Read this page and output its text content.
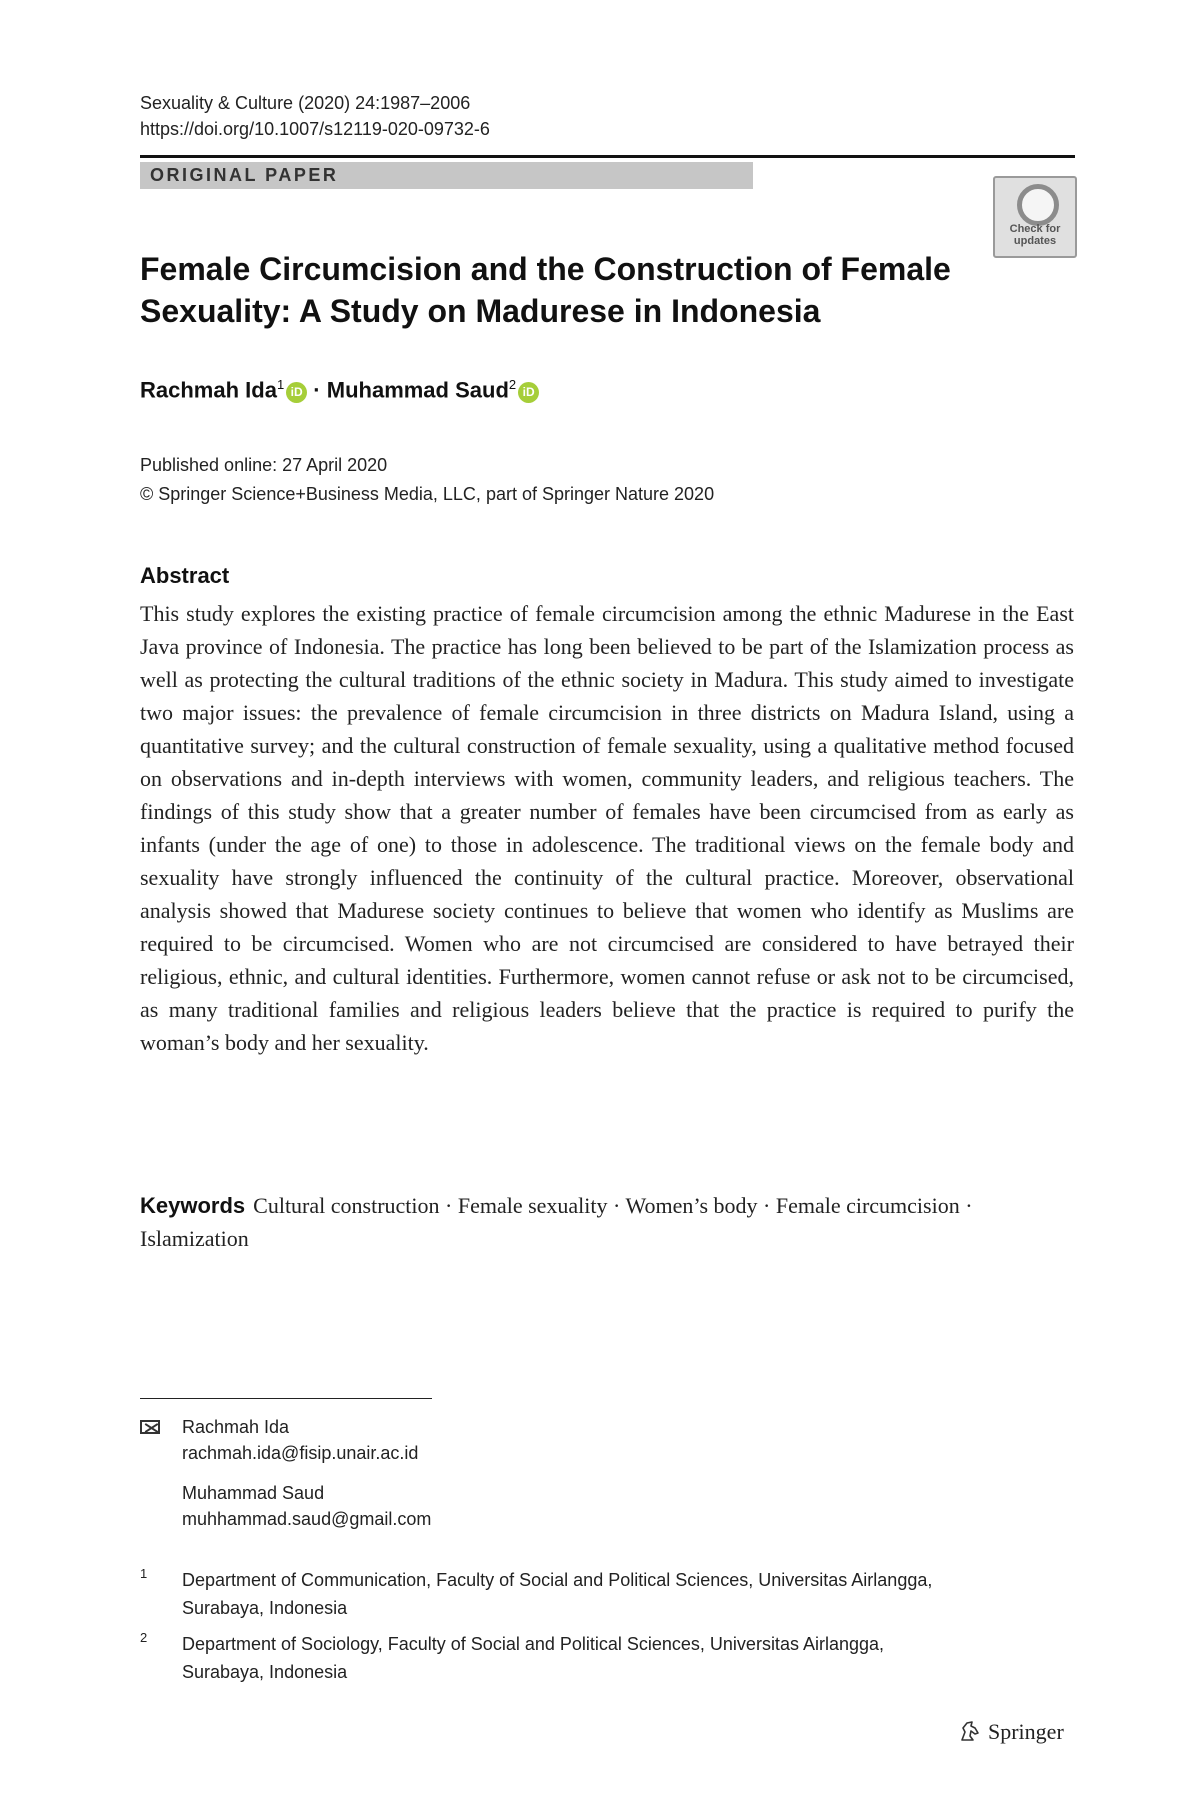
Sexuality & Culture (2020) 24:1987–2006
https://doi.org/10.1007/s12119-020-09732-6
ORIGINAL PAPER
Check for
updates
Female Circumcision and the Construction of Female
Sexuality: A Study on Madurese in Indonesia
Rachmah Ida$^1$iD · Muhammad Saud$^2$iD
Published online: 27 April 2020
© Springer Science+Business Media, LLC, part of Springer Nature 2020
Abstract

This study explores the existing practice of female circumcision among the ethnic Madurese in the East Java province of Indonesia. The practice has long been believed to be part of the Islamization process as well as protecting the cultural traditions of the ethnic society in Madura. This study aimed to investigate two major issues: the prevalence of female circumcision in three districts on Madura Island, using a quantitative survey; and the cultural construction of female sexuality, using a qualitative method focused on observations and in-depth interviews with women, community leaders, and religious teachers. The findings of this study show that a greater number of females have been circumcised from as early as infants (under the age of one) to those in adolescence. The traditional views on the female body and sexuality have strongly influenced the continuity of the cultural practice. Moreover, observational analysis showed that Madurese society continues to believe that women who identify as Muslims are required to be circumcised. Women who are not circumcised are considered to have betrayed their religious, ethnic, and cultural identities. Furthermore, women cannot refuse or ask not to be circumcised, as many traditional families and religious leaders believe that the practice is required to purify the woman’s body and her sexuality.

Keywords Cultural construction · Female sexuality · Women’s body · Female circumcision · Islamization
Rachmah Ida
rachmah.ida@fisip.unair.ac.id
Muhammad Saud
muhhammad.saud@gmail.com
1 Department of Communication, Faculty of Social and Political Sciences, Universitas Airlangga,
Surabaya, Indonesia
2 Department of Sociology, Faculty of Social and Political Sciences, Universitas Airlangga,
Surabaya, Indonesia
Springer
